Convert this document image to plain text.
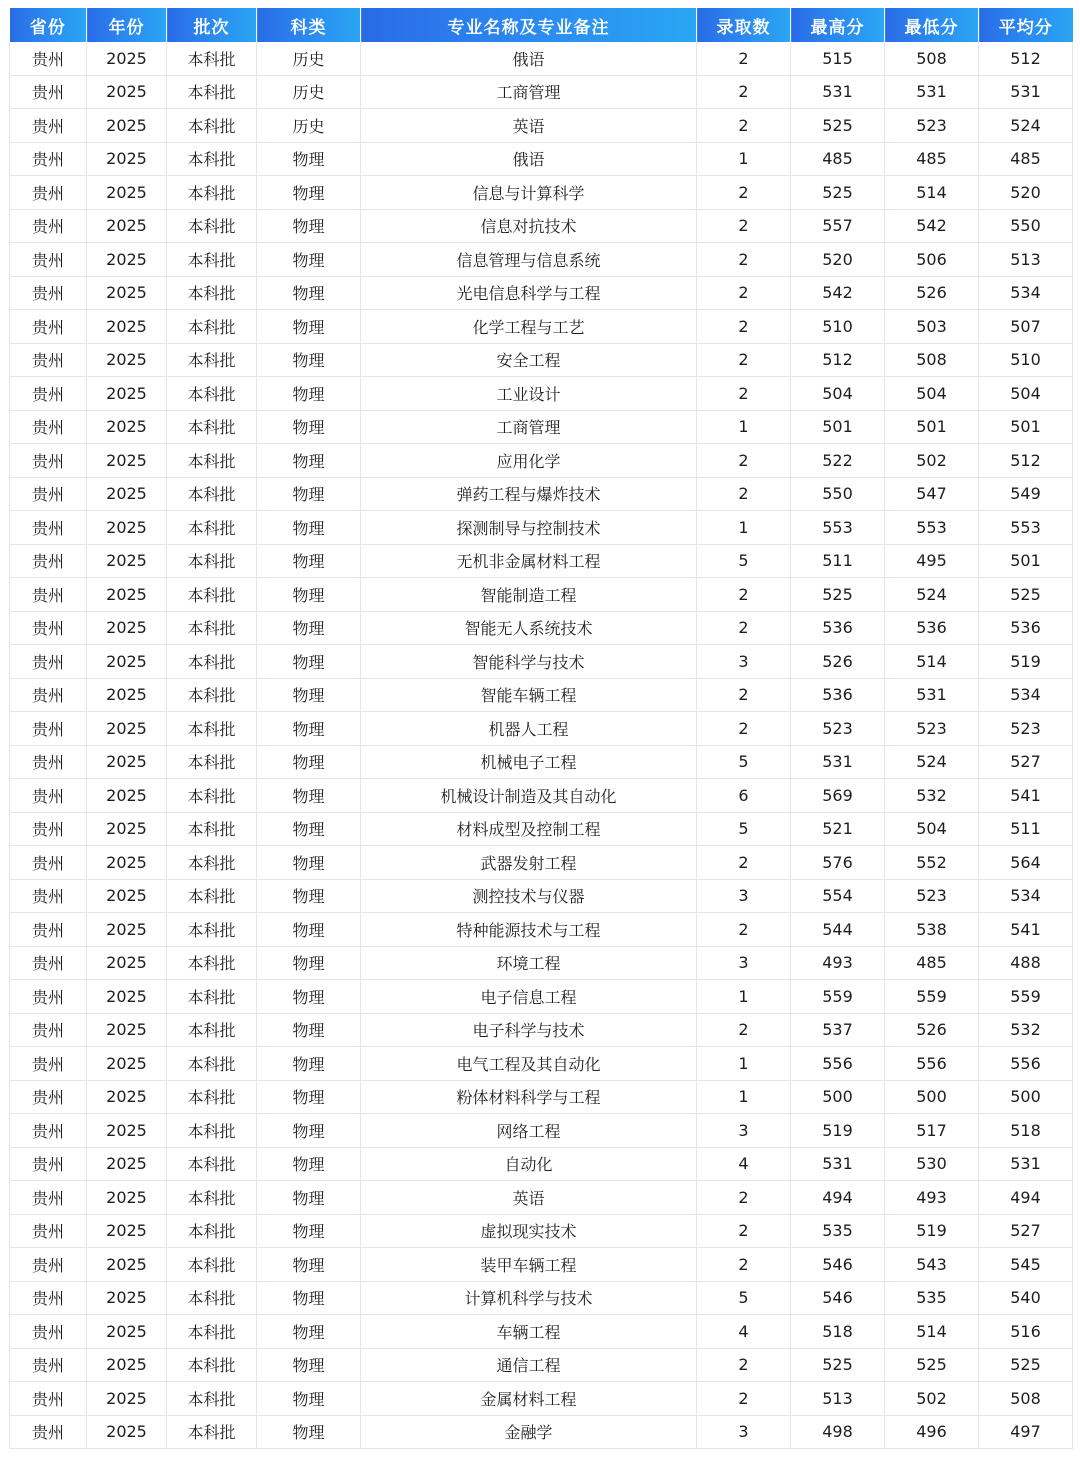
省份	年份	批次	科类	专业名称及专业备注	录取数	最高分	最低分	平均分
贵州	2025	本科批	历史	俄语	2	515	508	512
贵州	2025	本科批	历史	工商管理	2	531	531	531
贵州	2025	本科批	历史	英语	2	525	523	524
贵州	2025	本科批	物理	俄语	1	485	485	485
贵州	2025	本科批	物理	信息与计算科学	2	525	514	520
贵州	2025	本科批	物理	信息对抗技术	2	557	542	550
贵州	2025	本科批	物理	信息管理与信息系统	2	520	506	513
贵州	2025	本科批	物理	光电信息科学与工程	2	542	526	534
贵州	2025	本科批	物理	化学工程与工艺	2	510	503	507
贵州	2025	本科批	物理	安全工程	2	512	508	510
贵州	2025	本科批	物理	工业设计	2	504	504	504
贵州	2025	本科批	物理	工商管理	1	501	501	501
贵州	2025	本科批	物理	应用化学	2	522	502	512
贵州	2025	本科批	物理	弹药工程与爆炸技术	2	550	547	549
贵州	2025	本科批	物理	探测制导与控制技术	1	553	553	553
贵州	2025	本科批	物理	无机非金属材料工程	5	511	495	501
贵州	2025	本科批	物理	智能制造工程	2	525	524	525
贵州	2025	本科批	物理	智能无人系统技术	2	536	536	536
贵州	2025	本科批	物理	智能科学与技术	3	526	514	519
贵州	2025	本科批	物理	智能车辆工程	2	536	531	534
贵州	2025	本科批	物理	机器人工程	2	523	523	523
贵州	2025	本科批	物理	机械电子工程	5	531	524	527
贵州	2025	本科批	物理	机械设计制造及其自动化	6	569	532	541
贵州	2025	本科批	物理	材料成型及控制工程	5	521	504	511
贵州	2025	本科批	物理	武器发射工程	2	576	552	564
贵州	2025	本科批	物理	测控技术与仪器	3	554	523	534
贵州	2025	本科批	物理	特种能源技术与工程	2	544	538	541
贵州	2025	本科批	物理	环境工程	3	493	485	488
贵州	2025	本科批	物理	电子信息工程	1	559	559	559
贵州	2025	本科批	物理	电子科学与技术	2	537	526	532
贵州	2025	本科批	物理	电气工程及其自动化	1	556	556	556
贵州	2025	本科批	物理	粉体材料科学与工程	1	500	500	500
贵州	2025	本科批	物理	网络工程	3	519	517	518
贵州	2025	本科批	物理	自动化	4	531	530	531
贵州	2025	本科批	物理	英语	2	494	493	494
贵州	2025	本科批	物理	虚拟现实技术	2	535	519	527
贵州	2025	本科批	物理	装甲车辆工程	2	546	543	545
贵州	2025	本科批	物理	计算机科学与技术	5	546	535	540
贵州	2025	本科批	物理	车辆工程	4	518	514	516
贵州	2025	本科批	物理	通信工程	2	525	525	525
贵州	2025	本科批	物理	金属材料工程	2	513	502	508
贵州	2025	本科批	物理	金融学	3	498	496	497
